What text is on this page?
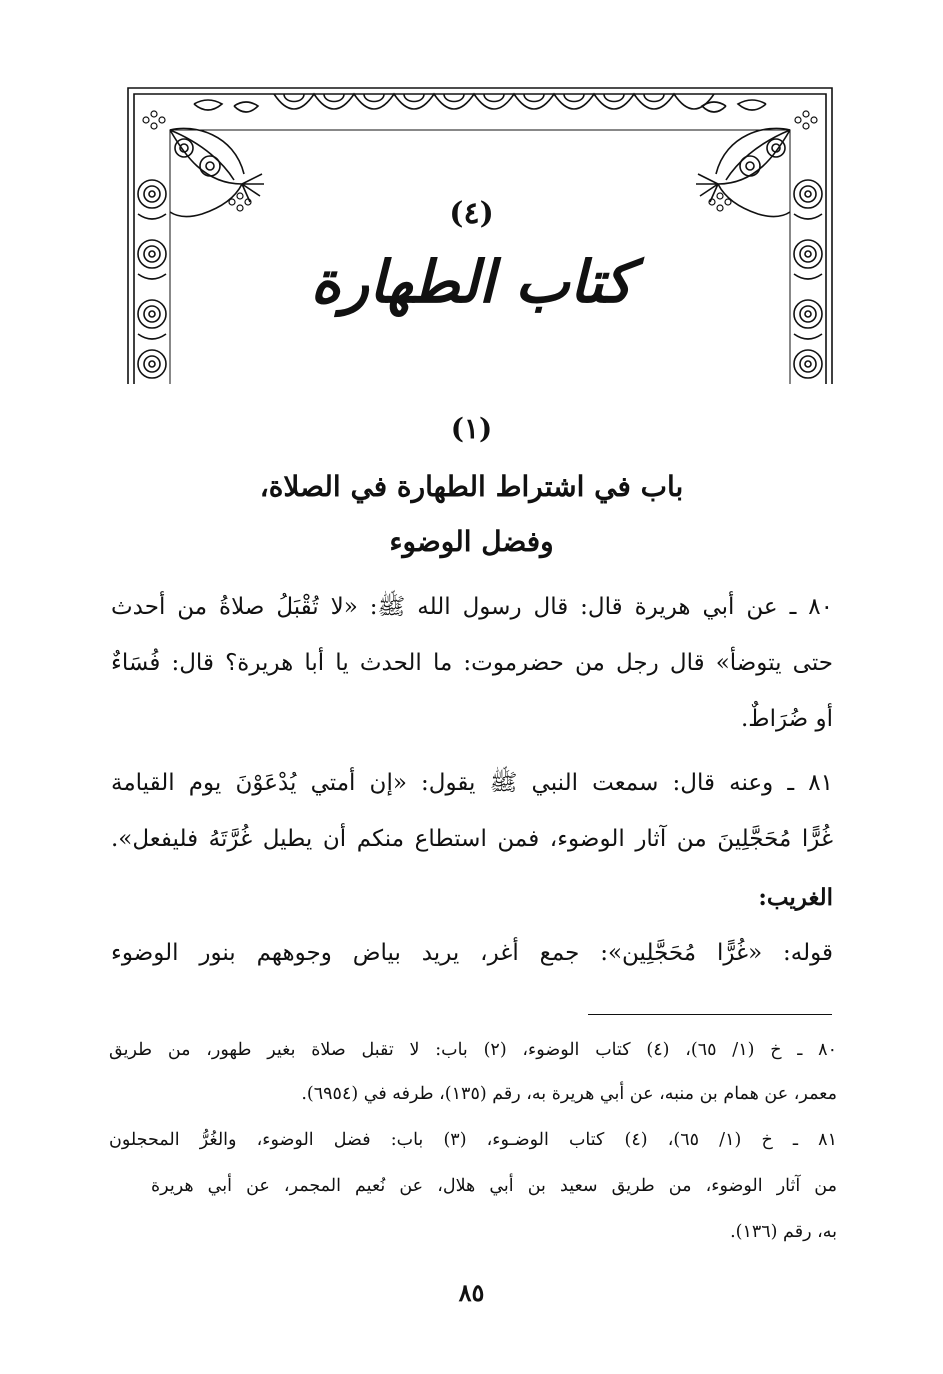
(٤)
كتاب الطهارة
(١)
باب في اشتراط الطهارة في الصلاة،
وفضل الوضوء
٨٠ ـ عن أبي هريرة قال: قال رسول الله ﷺ: «لا تُقْبَلُ صلاةُ من أحدث
حتى يتوضأ» قال رجل من حضرموت: ما الحدث يا أبا هريرة؟ قال: فُسَاءٌ
أو ضُرَاطٌ.
٨١ ـ وعنه قال: سمعت النبي ﷺ يقول: «إن أمتي يُدْعَوْنَ يوم القيامة
غُرًّا مُحَجَّلِينَ من آثار الوضوء، فمن استطاع منكم أن يطيل غُرَّتَهُ فليفعل».
الغريب:
قوله: «غُرًّا مُحَجَّلِين»: جمع أغر، يريد بياض وجوههم بنور الوضوء
٨٠ ـ خ (١/ ٦٥)، (٤) كتاب الوضوء، (٢) باب: لا تقبل صلاة بغير طهور، من طريق
معمر، عن همام بن منبه، عن أبي هريرة به، رقم (١٣٥)، طرفه في (٦٩٥٤).
٨١ ـ خ (١/ ٦٥)، (٤) كتاب الوضـوء، (٣) باب: فضل الوضوء، والغُرُّ المحجلون
من آثار الوضوء، من طريق سعيد بن أبي هلال، عن نُعيم المجمر، عن أبي هريرة
به، رقم (١٣٦).
٨٥
